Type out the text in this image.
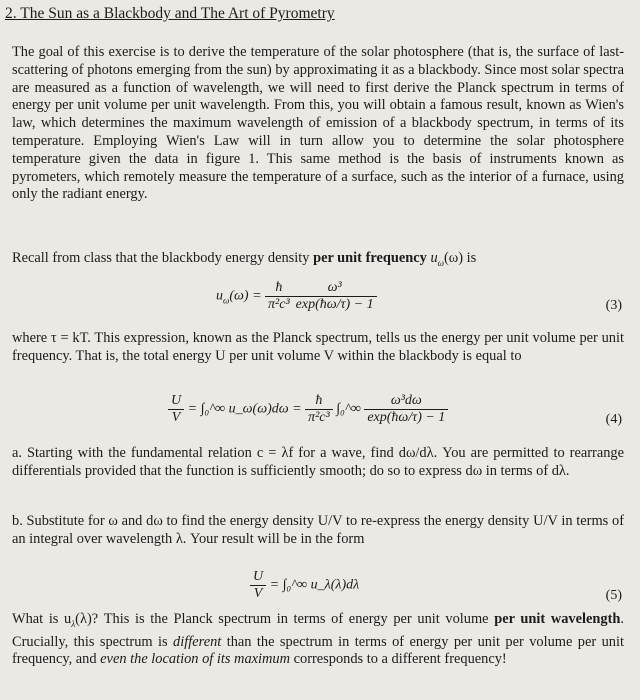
2. The Sun as a Blackbody and The Art of Pyrometry
The goal of this exercise is to derive the temperature of the solar photosphere (that is, the surface of last-scattering of photons emerging from the sun) by approximating it as a blackbody. Since most solar spectra are measured as a function of wavelength, we will need to first derive the Planck spectrum in terms of energy per unit volume per unit wavelength. From this, you will obtain a famous result, known as Wien's law, which determines the maximum wavelength of emission of a blackbody spectrum, in terms of its temperature. Employing Wien's Law will in turn allow you to determine the solar photosphere temperature given the data in figure 1. This same method is the basis of instruments known as pyrometers, which remotely measure the temperature of a surface, such as the interior of a furnace, using only the radiant energy.
Recall from class that the blackbody energy density per unit frequency $u_\omega(\omega)$ is
$u_\omega(\omega) = \frac{ħ}{\text{π²c³}} \frac{\text{ω³}}{\exp(ħ\omega/\tau) - 1}$	(3)
where τ = kT. This expression, known as the Planck spectrum, tells us the energy per unit volume per unit frequency. That is, the total energy U per unit volume V within the blackbody is equal to
$\frac{U}{V}$ = ∫₀^∞ u_ω(ω)dω = $\frac{ħ}{\text{π²c³}}$ ∫₀^∞ $\frac{\text{ω³dω}}{\exp(ħ\omega/\tau) - 1}$	(4)
a. Starting with the fundamental relation c = λf for a wave, find dω/dλ. You are permitted to rearrange differentials provided that the function is sufficiently smooth; do so to express dω in terms of dλ.
b. Substitute for ω and dω to find the energy density U/V to re-express the energy density U/V in terms of an integral over wavelength λ. Your result will be in the form
$\frac{U}{V}$ = ∫₀^∞ u_λ(λ)dλ
(5)
What is $u_\lambda(\lambda)$? This is the Planck spectrum in terms of energy per unit volume per unit wavelength. Crucially, this spectrum is different than the spectrum in terms of energy per unit per volume per unit frequency, and even the location of its maximum corresponds to a different frequency!
